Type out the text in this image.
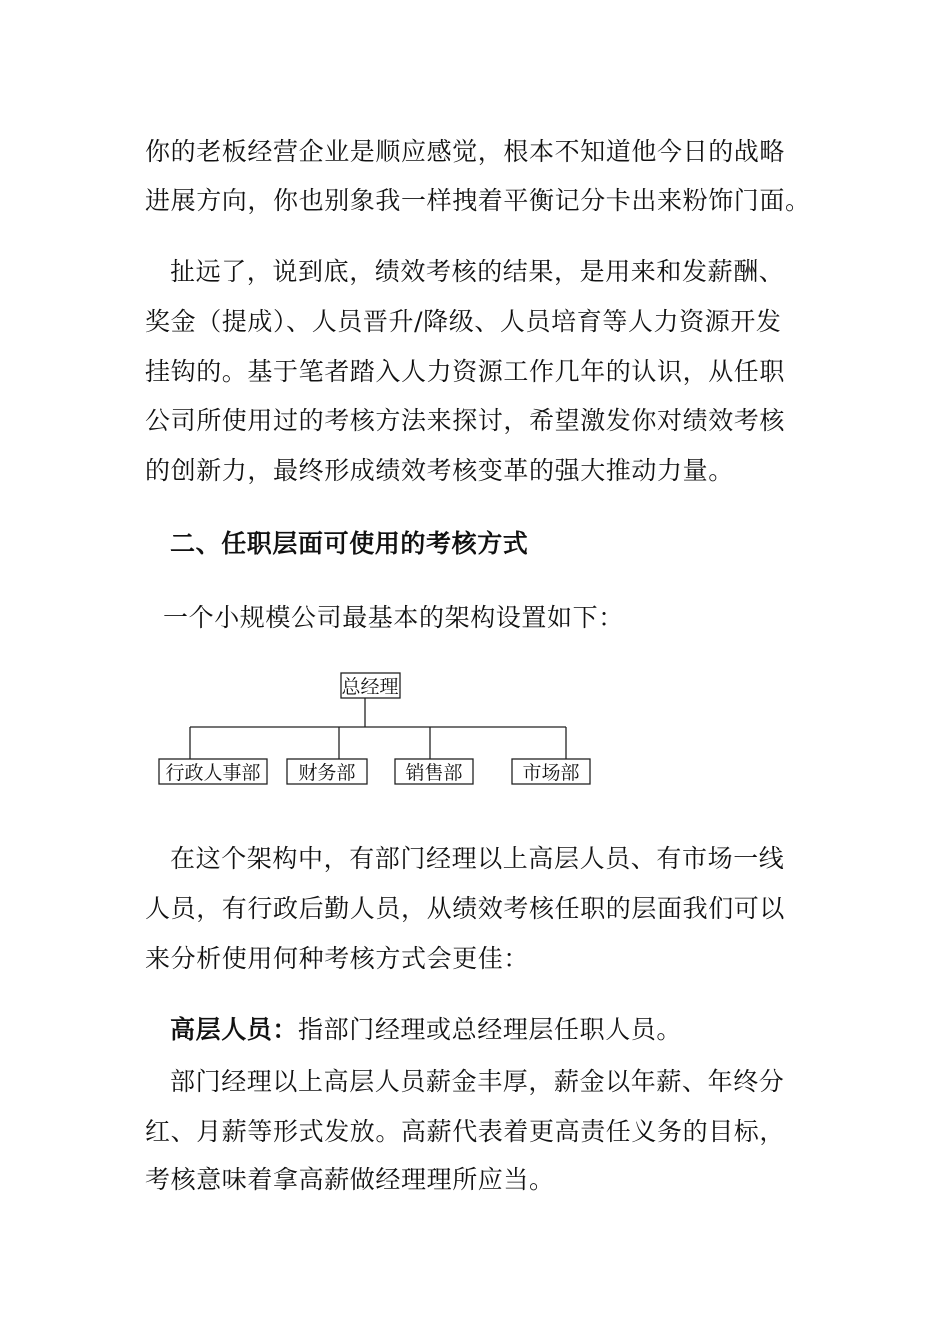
你的老板经营企业是顺应感觉，根本不知道他今日的战略
进展方向，你也别象我一样拽着平衡记分卡出来粉饰门面。
扯远了，说到底，绩效考核的结果，是用来和发薪酬、
奖金（提成）、人员晋升/降级、人员培育等人力资源开发
挂钩的。基于笔者踏入人力资源工作几年的认识，从任职
公司所使用过的考核方法来探讨，希望激发你对绩效考核
的创新力，最终形成绩效考核变革的强大推动力量。
二、任职层面可使用的考核方式
一个小规模公司最基本的架构设置如下：
总经理
行政人事部 财务部	销售部	市场部
在这个架构中，有部门经理以上高层人员、有市场一线
人员，有行政后勤人员，从绩效考核任职的层面我们可以
来分析使用何种考核方式会更佳：
高层人员：指部门经理或总经理层任职人员。
部门经理以上高层人员薪金丰厚，薪金以年薪、年终分
红、月薪等形式发放。高薪代表着更高责任义务的目标，
考核意味着拿高薪做经理理所应当。
